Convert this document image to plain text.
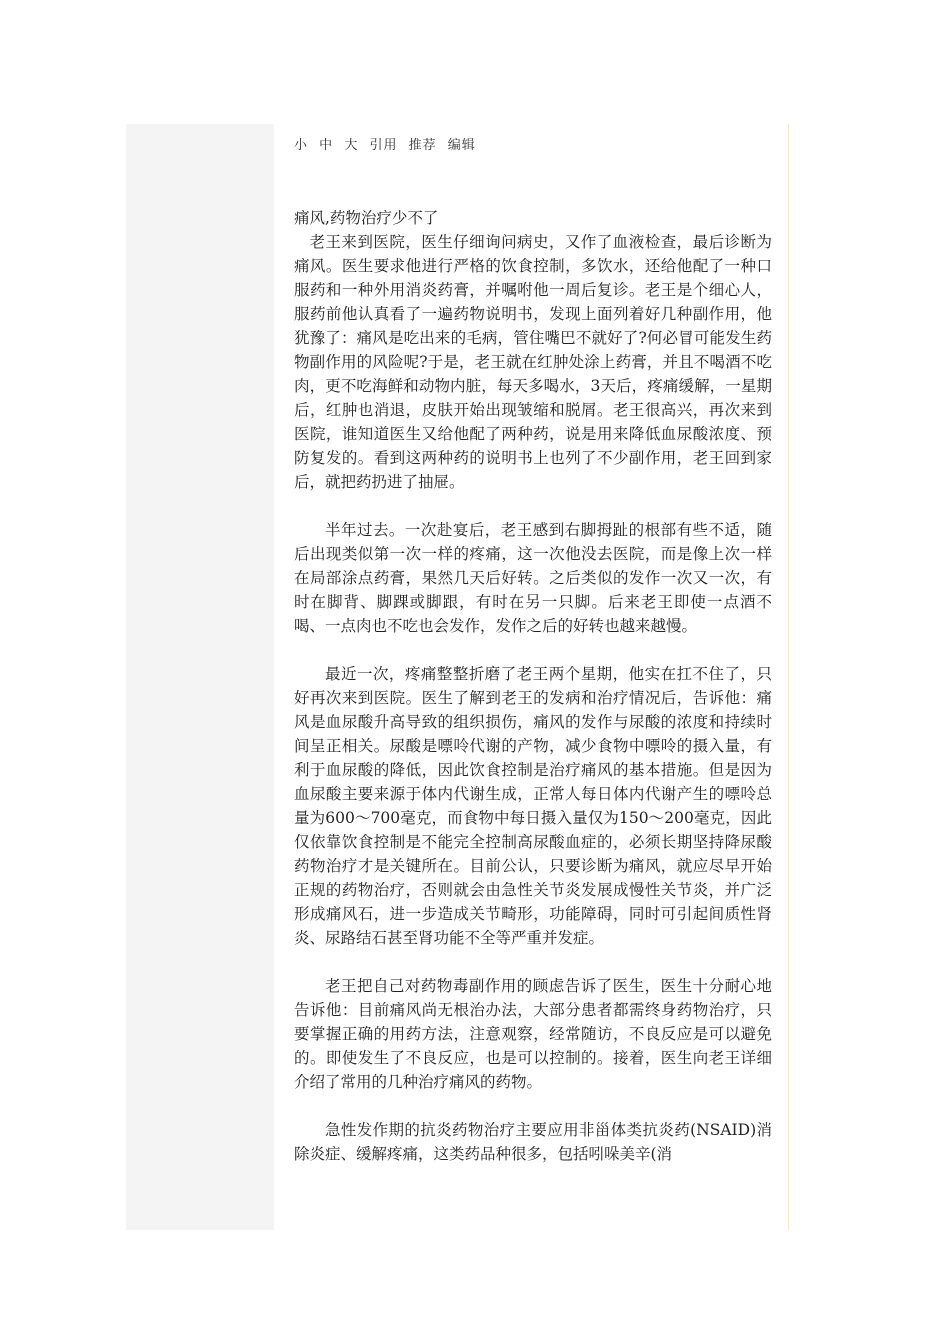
小 中 大 引用 推荐 编辑

痛风,药物治疗少不了

老王来到医院，医生仔细询问病史，又作了血液检查，最后诊断为痛风。医生要求他进行严格的饮食控制，多饮水，还给他配了一种口服药和一种外用消炎药膏，并嘱咐他一周后复诊。老王是个细心人，服药前他认真看了一遍药物说明书，发现上面列着好几种副作用，他犹豫了：痛风是吃出来的毛病，管住嘴巴不就好了?何必冒可能发生药物副作用的风险呢?于是，老王就在红肿处涂上药膏，并且不喝酒不吃肉，更不吃海鲜和动物内脏，每天多喝水，3天后，疼痛缓解，一星期后，红肿也消退，皮肤开始出现皱缩和脱屑。老王很高兴，再次来到医院，谁知道医生又给他配了两种药，说是用来降低血尿酸浓度、预防复发的。看到这两种药的说明书上也列了不少副作用，老王回到家后，就把药扔进了抽屉。

半年过去。一次赴宴后，老王感到右脚拇趾的根部有些不适，随后出现类似第一次一样的疼痛，这一次他没去医院，而是像上次一样在局部涂点药膏，果然几天后好转。之后类似的发作一次又一次，有时在脚背、脚踝或脚跟，有时在另一只脚。后来老王即使一点酒不喝、一点肉也不吃也会发作，发作之后的好转也越来越慢。

最近一次，疼痛整整折磨了老王两个星期，他实在扛不住了，只好再次来到医院。医生了解到老王的发病和治疗情况后，告诉他：痛风是血尿酸升高导致的组织损伤，痛风的发作与尿酸的浓度和持续时间呈正相关。尿酸是嘌呤代谢的产物，减少食物中嘌呤的摄入量，有利于血尿酸的降低，因此饮食控制是治疗痛风的基本措施。但是因为血尿酸主要来源于体内代谢生成，正常人每日体内代谢产生的嘌呤总量为600～700毫克，而食物中每日摄入量仅为150～200毫克，因此仅依靠饮食控制是不能完全控制高尿酸血症的，必须长期坚持降尿酸药物治疗才是关键所在。目前公认，只要诊断为痛风，就应尽早开始正规的药物治疗，否则就会由急性关节炎发展成慢性关节炎，并广泛形成痛风石，进一步造成关节畸形，功能障碍，同时可引起间质性肾炎、尿路结石甚至肾功能不全等严重并发症。

老王把自己对药物毒副作用的顾虑告诉了医生，医生十分耐心地告诉他：目前痛风尚无根治办法，大部分患者都需终身药物治疗，只要掌握正确的用药方法，注意观察，经常随访，不良反应是可以避免的。即使发生了不良反应，也是可以控制的。接着，医生向老王详细介绍了常用的几种治疗痛风的药物。

急性发作期的抗炎药物治疗主要应用非甾体类抗炎药(NSAID)消除炎症、缓解疼痛，这类药品种很多，包括吲哚美辛(消
